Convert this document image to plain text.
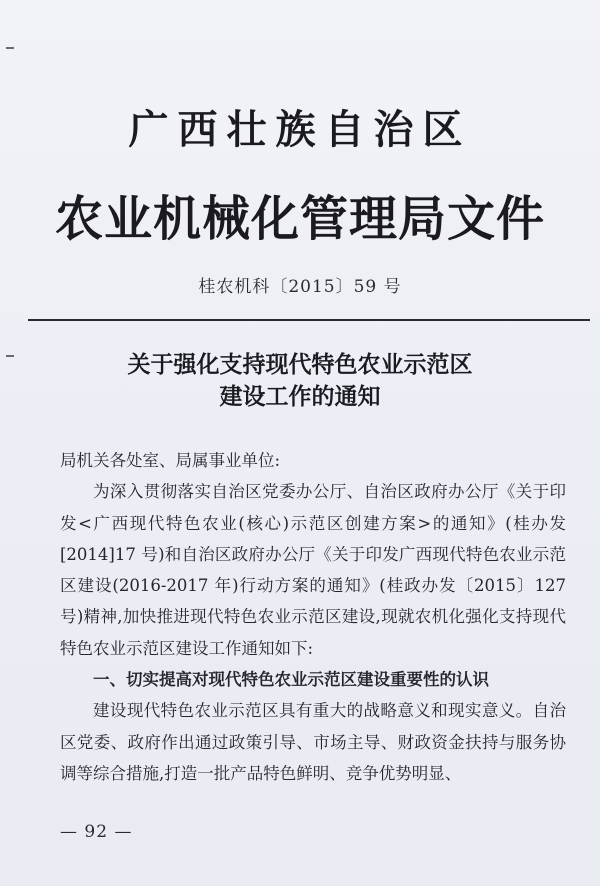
广西壮族自治区
农业机械化管理局文件
桂农机科〔2015〕59 号
关于强化支持现代特色农业示范区
建设工作的通知

局机关各处室、局属事业单位:

为深入贯彻落实自治区党委办公厅、自治区政府办公厅《关于印发<广西现代特色农业(核心)示范区创建方案>的通知》(桂办发[2014]17 号)和自治区政府办公厅《关于印发广西现代特色农业示范区建设(2016-2017 年)行动方案的通知》(桂政办发〔2015〕127 号)精神,加快推进现代特色农业示范区建设,现就农机化强化支持现代特色农业示范区建设工作通知如下:

一、切实提高对现代特色农业示范区建设重要性的认识

建设现代特色农业示范区具有重大的战略意义和现实意义。自治区党委、政府作出通过政策引导、市场主导、财政资金扶持与服务协调等综合措施,打造一批产品特色鲜明、竞争优势明显、

— 92 —
